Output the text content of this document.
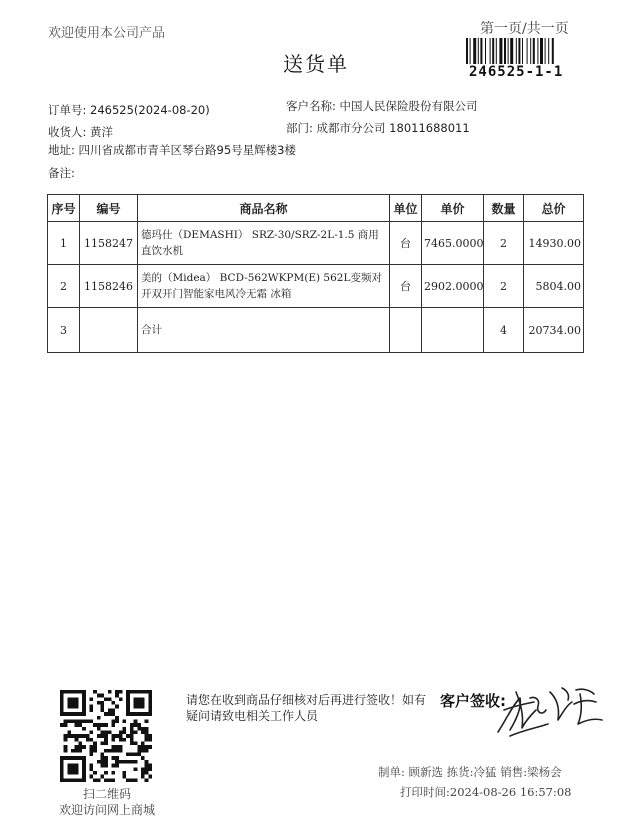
欢迎使用本公司产品	第一页/共一页
246525-1-1
送货单
订单号: 246525(2024-08-20)	客户名称: 中国人民保险股份有限公司
收货人: 黄洋	部门: 成都市分公司 18011688011
地址: 四川省成都市青羊区琴台路95号星辉楼3楼
备注:
序号	编号	商品名称	单位	单价	数量	总价
1	1158247	德玛仕（DEMASHI） SRZ-30/SRZ-2L-1.5 商用直饮水机	台	7465.0000	2	14930.00
2	1158246	美的（Midea） BCD-562WKPM(E) 562L变频对开双开门智能家电风冷无霜 冰箱	台	2902.0000	2	5804.00
3		合计			4	20734.00
扫二维码
欢迎访问网上商城
请您在收到商品仔细核对后再进行签收！如有疑问请致电相关工作人员
客户签收:
制单: 顾新选 拣货:冷猛 销售:梁杨会
打印时间:2024-08-26 16:57:08
